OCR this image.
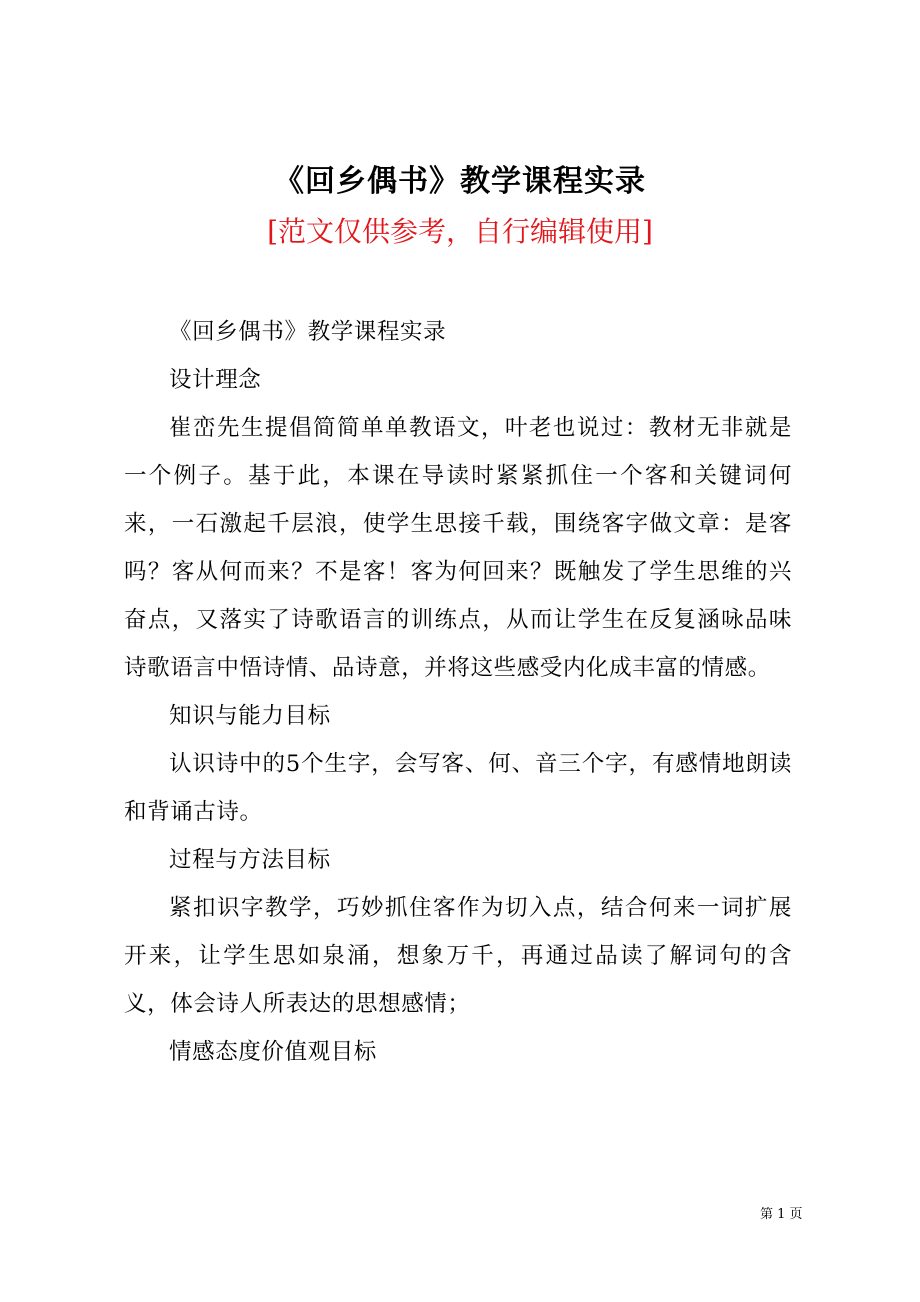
《回乡偶书》教学课程实录
[范文仅供参考，自行编辑使用]

《回乡偶书》教学课程实录

设计理念

崔峦先生提倡简简单单教语文，叶老也说过：教材无非就是一个例子。基于此，本课在导读时紧紧抓住一个客和关键词何来，一石激起千层浪，使学生思接千载，围绕客字做文章：是客吗？客从何而来？不是客！客为何回来？既触发了学生思维的兴奋点，又落实了诗歌语言的训练点，从而让学生在反复涵咏品味诗歌语言中悟诗情、品诗意，并将这些感受内化成丰富的情感。

知识与能力目标

认识诗中的5个生字，会写客、何、音三个字，有感情地朗读和背诵古诗。

过程与方法目标

紧扣识字教学，巧妙抓住客作为切入点，结合何来一词扩展开来，让学生思如泉涌，想象万千，再通过品读了解词句的含义，体会诗人所表达的思想感情；

情感态度价值观目标

第 1 页
